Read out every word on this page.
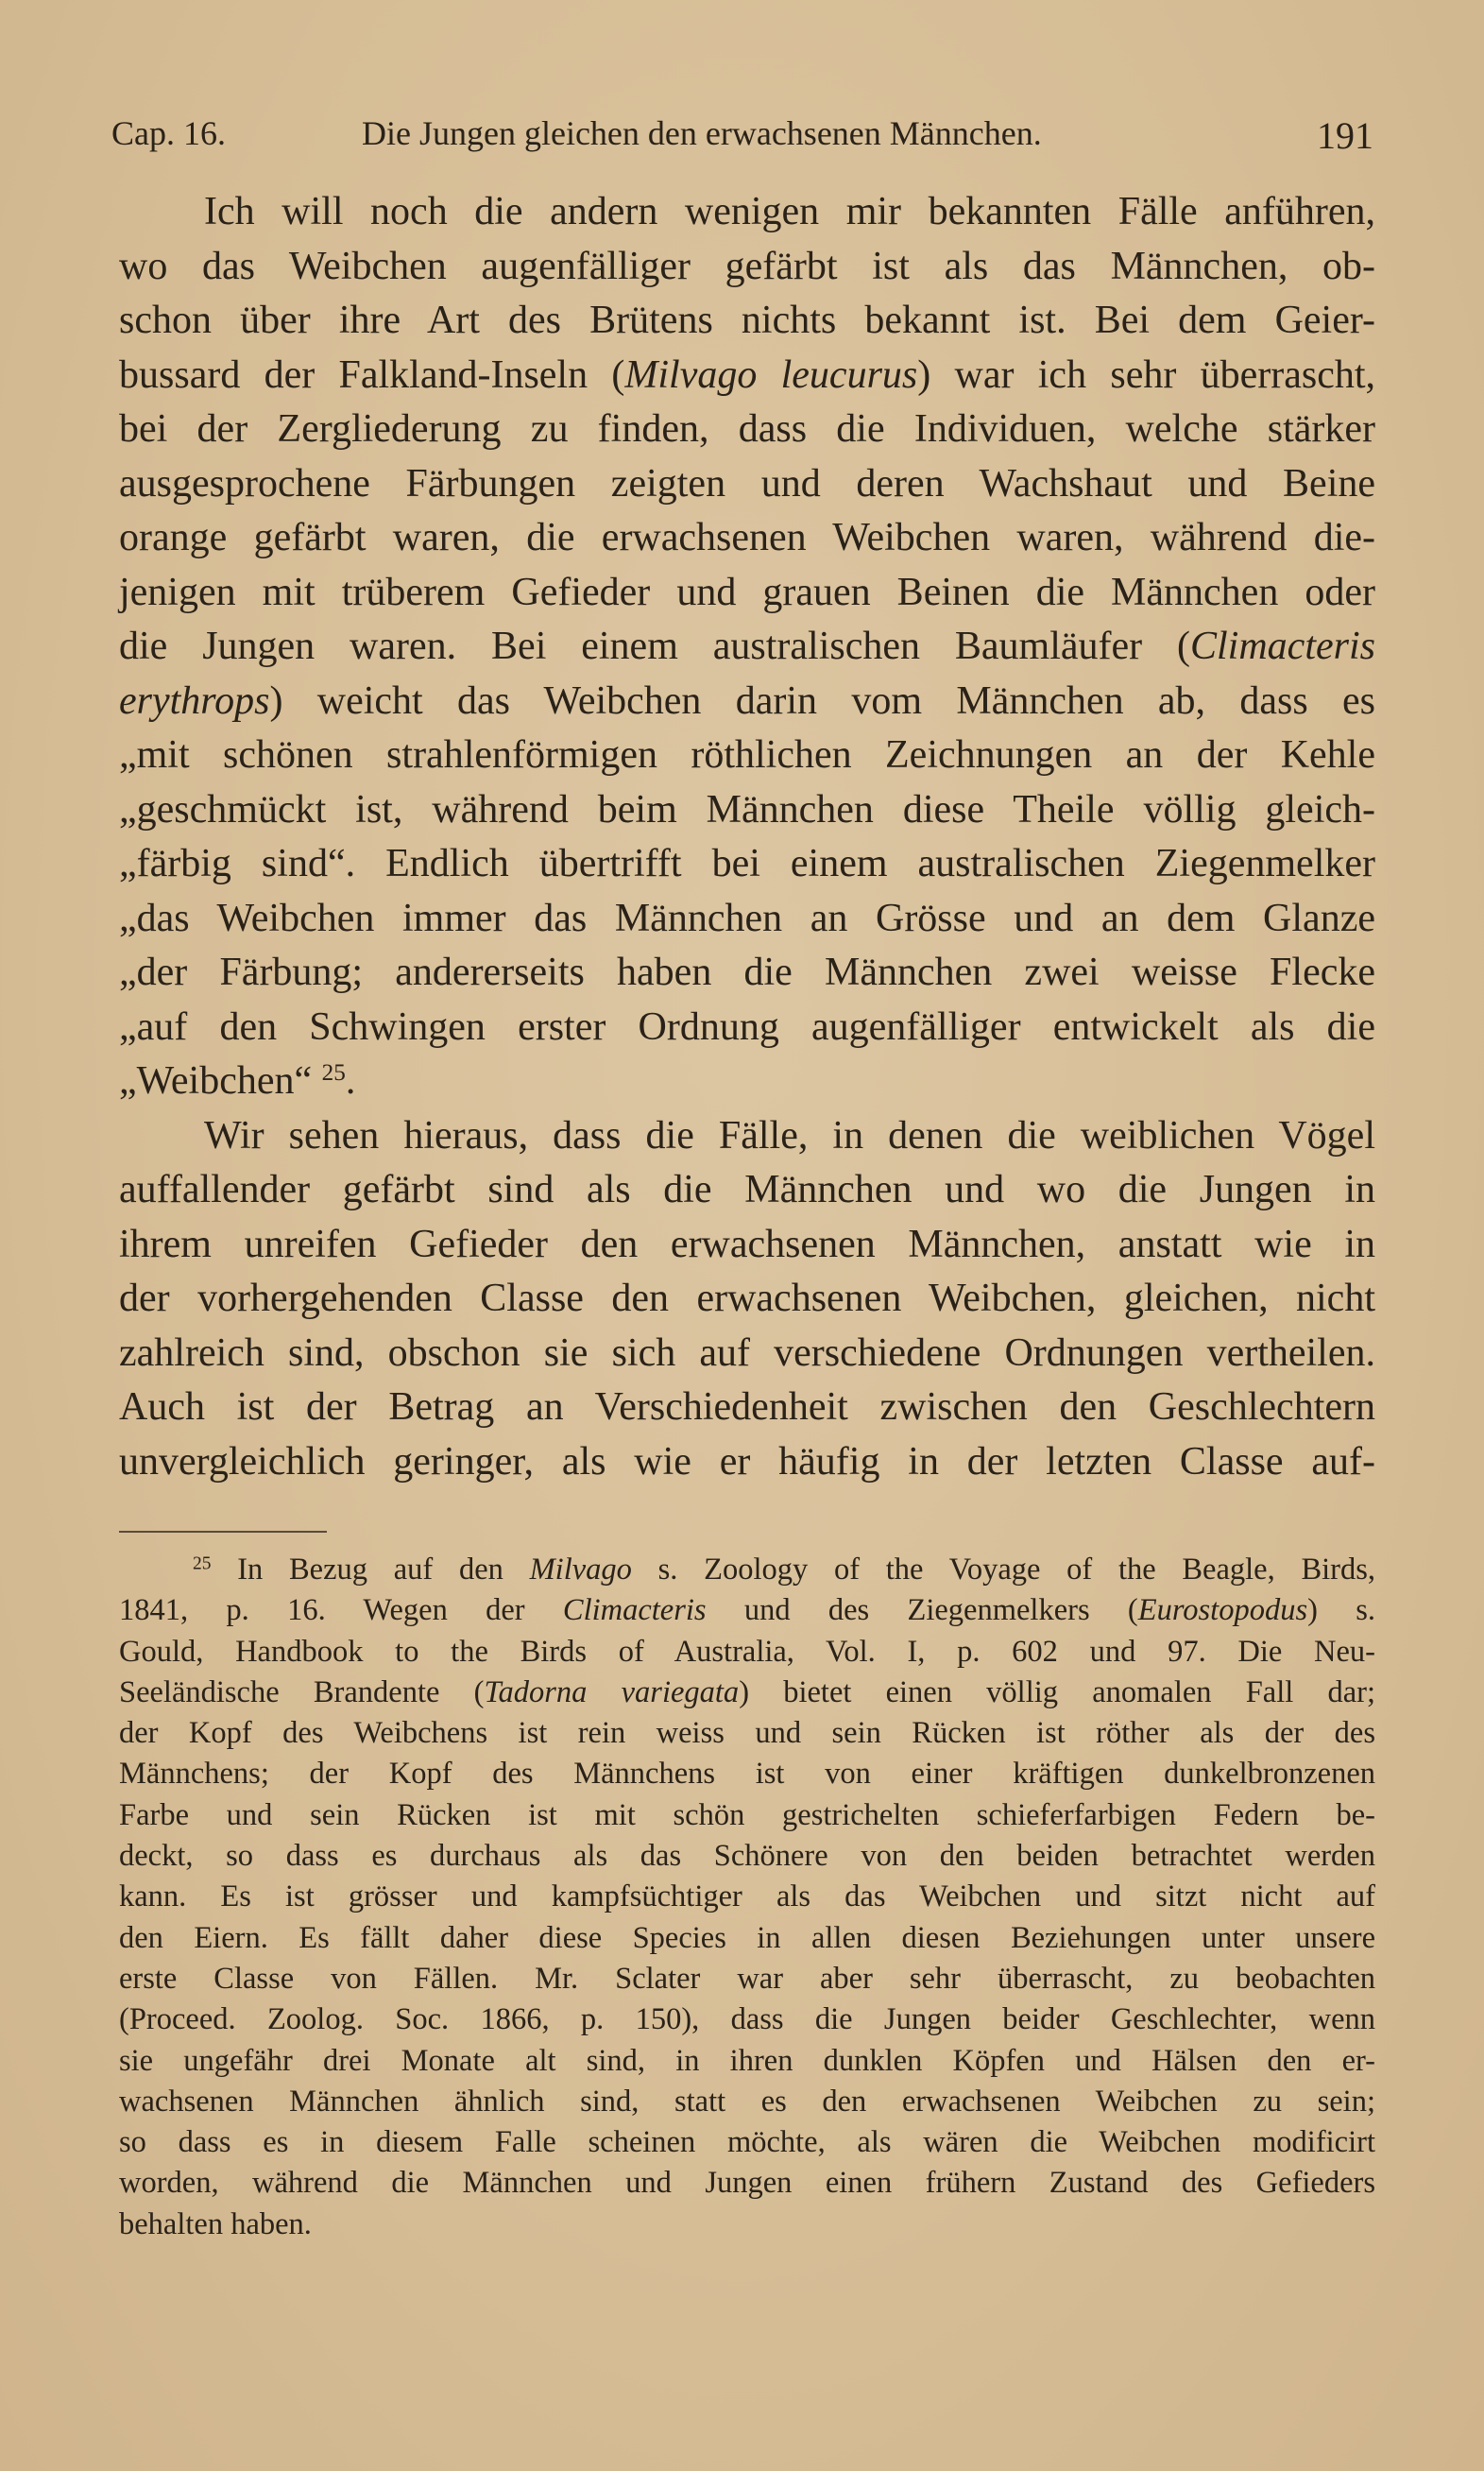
Cap. 16.	Die Jungen gleichen den erwachsenen Männchen.	191
Ich will noch die andern wenigen mir bekannten Fälle anführen,
wo das Weibchen augenfälliger gefärbt ist als das Männchen, ob-
schon über ihre Art des Brütens nichts bekannt ist. Bei dem Geier-
bussard der Falkland-Inseln (Milvago leucurus) war ich sehr überrascht,
bei der Zergliederung zu finden, dass die Individuen, welche stärker
ausgesprochene Färbungen zeigten und deren Wachshaut und Beine
orange gefärbt waren, die erwachsenen Weibchen waren, während die-
jenigen mit trüberem Gefieder und grauen Beinen die Männchen oder
die Jungen waren. Bei einem australischen Baumläufer (Climacteris
erythrops) weicht das Weibchen darin vom Männchen ab, dass es
„mit schönen strahlenförmigen röthlichen Zeichnungen an der Kehle
„geschmückt ist, während beim Männchen diese Theile völlig gleich-
„färbig sind“. Endlich übertrifft bei einem australischen Ziegenmelker
„das Weibchen immer das Männchen an Grösse und an dem Glanze
„der Färbung; andererseits haben die Männchen zwei weisse Flecke
„auf den Schwingen erster Ordnung augenfälliger entwickelt als die
„Weibchen“ $^{25}$.
Wir sehen hieraus, dass die Fälle, in denen die weiblichen Vögel
auffallender gefärbt sind als die Männchen und wo die Jungen in
ihrem unreifen Gefieder den erwachsenen Männchen, anstatt wie in
der vorhergehenden Classe den erwachsenen Weibchen, gleichen, nicht
zahlreich sind, obschon sie sich auf verschiedene Ordnungen vertheilen.
Auch ist der Betrag an Verschiedenheit zwischen den Geschlechtern
unvergleichlich geringer, als wie er häufig in der letzten Classe auf-
$^{25}$ In Bezug auf den Milvago s. Zoology of the Voyage of the Beagle, Birds,
1841, p. 16. Wegen der Climacteris und des Ziegenmelkers (Eurostopodus) s.
Gould, Handbook to the Birds of Australia, Vol. I, p. 602 und 97. Die Neu-
Seeländische Brandente (Tadorna variegata) bietet einen völlig anomalen Fall dar;
der Kopf des Weibchens ist rein weiss und sein Rücken ist röther als der des
Männchens; der Kopf des Männchens ist von einer kräftigen dunkelbronzenen
Farbe und sein Rücken ist mit schön gestrichelten schieferfarbigen Federn be-
deckt, so dass es durchaus als das Schönere von den beiden betrachtet werden
kann. Es ist grösser und kampfsüchtiger als das Weibchen und sitzt nicht auf
den Eiern. Es fällt daher diese Species in allen diesen Beziehungen unter unsere
erste Classe von Fällen. Mr. Sclater war aber sehr überrascht, zu beobachten
(Proceed. Zoolog. Soc. 1866, p. 150), dass die Jungen beider Geschlechter, wenn
sie ungefähr drei Monate alt sind, in ihren dunklen Köpfen und Hälsen den er-
wachsenen Männchen ähnlich sind, statt es den erwachsenen Weibchen zu sein;
so dass es in diesem Falle scheinen möchte, als wären die Weibchen modificirt
worden, während die Männchen und Jungen einen frühern Zustand des Gefieders
behalten haben.
